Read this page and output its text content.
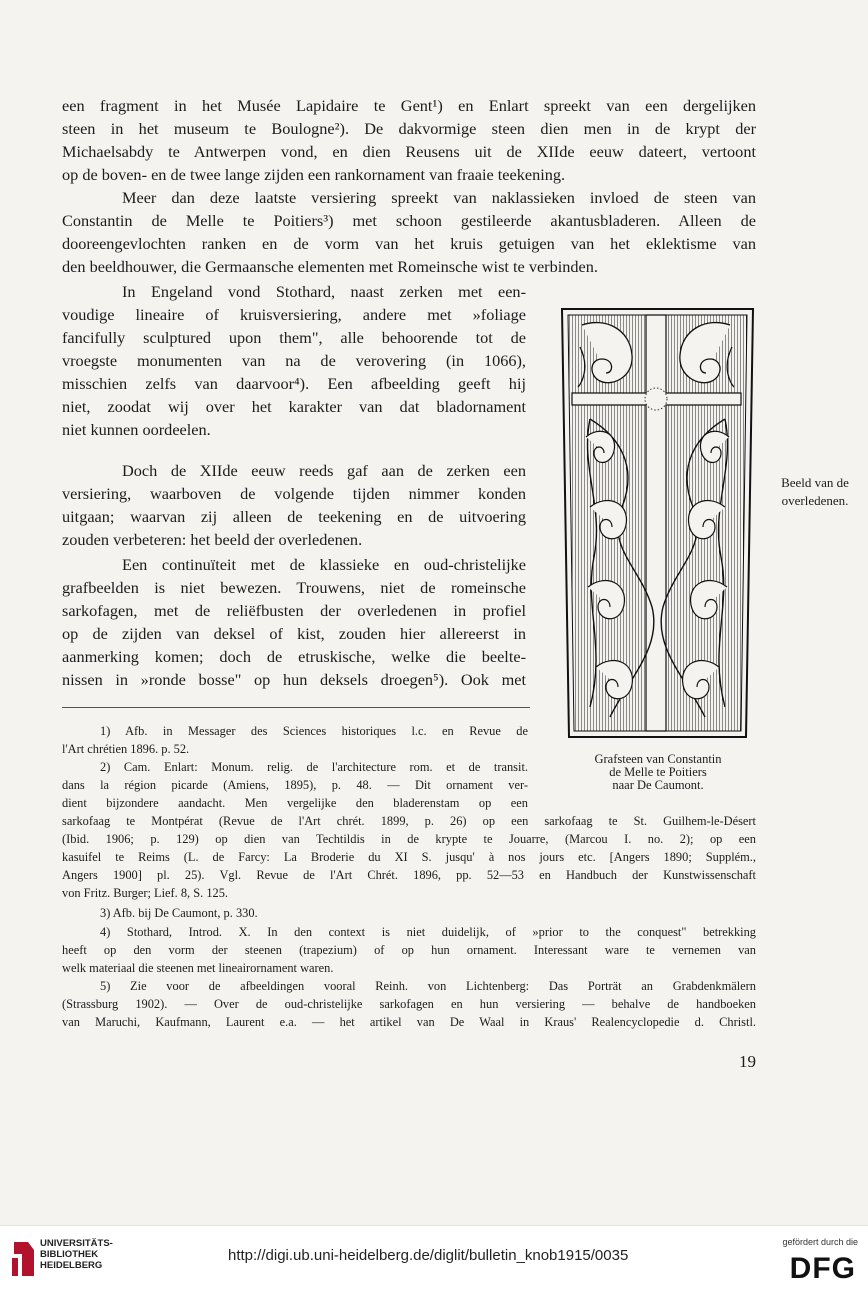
een fragment in het Musée Lapidaire te Gent¹) en Enlart spreekt van een dergelijken

steen in het museum te Boulogne²). De dakvormige steen dien men in de krypt der

Michaelsabdy te Antwerpen vond, en dien Reusens uit de XIIde eeuw dateert, vertoont

op de boven- en de twee lange zijden een rankornament van fraaie teekening.

Meer dan deze laatste versiering spreekt van naklassieken invloed de steen van

Constantin de Melle te Poitiers³) met schoon gestileerde akantusbladeren. Alleen de

dooreengevlochten ranken en de vorm van het kruis getuigen van het eklektisme van

den beeldhouwer, die Germaansche elementen met Romeinsche wist te verbinden.

In Engeland vond Stothard, naast zerken met een-

voudige lineaire of kruisversiering, andere met »foliage

fancifully sculptured upon them", alle behoorende tot de

vroegste monumenten van na de verovering (in 1066),

misschien zelfs van daarvoor⁴). Een afbeelding geeft hij

niet, zoodat wij over het karakter van dat bladornament

niet kunnen oordeelen.

Doch de XIIde eeuw reeds gaf aan de zerken een

versiering, waarboven de volgende tijden nimmer konden

uitgaan; waarvan zij alleen de teekening en de uitvoering

zouden verbeteren: het beeld der overledenen.

Een continuïteit met de klassieke en oud-christelijke

grafbeelden is niet bewezen. Trouwens, niet de romeinsche

sarkofagen, met de reliëfbusten der overledenen in profiel

op de zijden van deksel of kist, zouden hier allereerst in

aanmerking komen; doch de etruskische, welke die beelte-

nissen in »ronde bosse" op hun deksels droegen⁵). Ook met

1) Afb. in Messager des Sciences historiques l.c. en Revue de

l'Art chrétien 1896. p. 52.

2) Cam. Enlart: Monum. relig. de l'architecture rom. et de transit.

dans la région picarde (Amiens, 1895), p. 48. — Dit ornament ver-

dient bijzondere aandacht. Men vergelijke den bladerenstam op een

sarkofaag te Montpérat (Revue de l'Art chrét. 1899, p. 26) op een sarkofaag te St. Guilhem-le-Désert

(Ibid. 1906; p. 129) op dien van Techtildis in de krypte te Jouarre, (Marcou I. no. 2); op een

kasuifel te Reims (L. de Farcy: La Broderie du XI S. jusqu' à nos jours etc. [Angers 1890; Supplém.,

Angers 1900] pl. 25). Vgl. Revue de l'Art Chrét. 1896, pp. 52—53 en Handbuch der Kunstwissenschaft

von Fritz. Burger; Lief. 8, S. 125.

3) Afb. bij De Caumont, p. 330.

4) Stothard, Introd. X. In den context is niet duidelijk, of »prior to the conquest" betrekking

heeft op den vorm der steenen (trapezium) of op hun ornament. Interessant ware te vernemen van

welk materiaal die steenen met lineairornament waren.

5) Zie voor de afbeeldingen vooral Reinh. von Lichtenberg: Das Porträt an Grabdenkmälern

(Strassburg 1902). — Over de oud-christelijke sarkofagen en hun versiering — behalve de handboeken

van Maruchi, Kaufmann, Laurent e.a. — het artikel van De Waal in Kraus' Realencyclopedie d. Christl.

Grafsteen van Constantin
de Melle te Poitiers
naar De Caumont.

Beeld van de
overledenen.

19

UNIVERSITÄTS-
BIBLIOTHEK
HEIDELBERG
http://digi.ub.uni-heidelberg.de/diglit/bulletin_knob1915/0035
gefördert durch die
DFG
